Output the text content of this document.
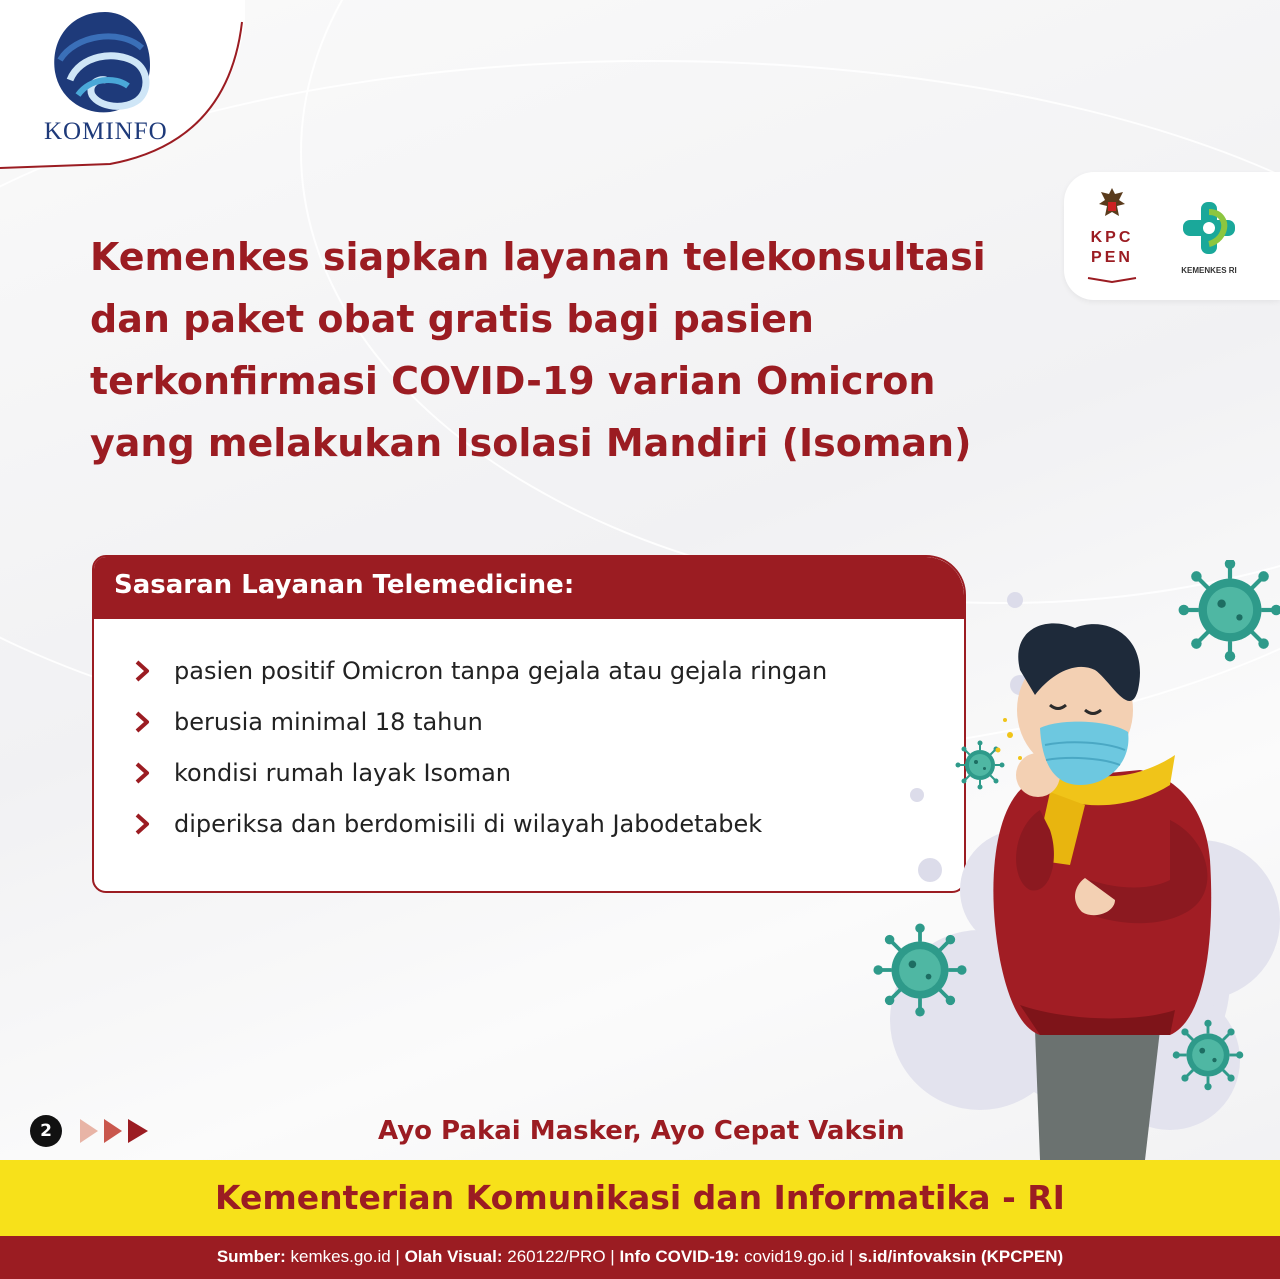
KOMINFO
KPC
PEN
KEMENKES RI
Kemenkes siapkan layanan telekonsultasi
dan paket obat gratis bagi pasien
terkonfirmasi COVID-19 varian Omicron
yang melakukan Isolasi Mandiri (Isoman)
Sasaran Layanan Telemedicine:
pasien positif Omicron tanpa gejala atau gejala ringan
berusia minimal 18 tahun
kondisi rumah layak Isoman
diperiksa dan berdomisili di wilayah Jabodetabek
2	Ayo Pakai Masker, Ayo Cepat Vaksin
Kementerian Komunikasi dan Informatika - RI
Sumber: kemkes.go.id | Olah Visual: 260122/PRO | Info COVID-19: covid19.go.id | s.id/infovaksin (KPCPEN)
